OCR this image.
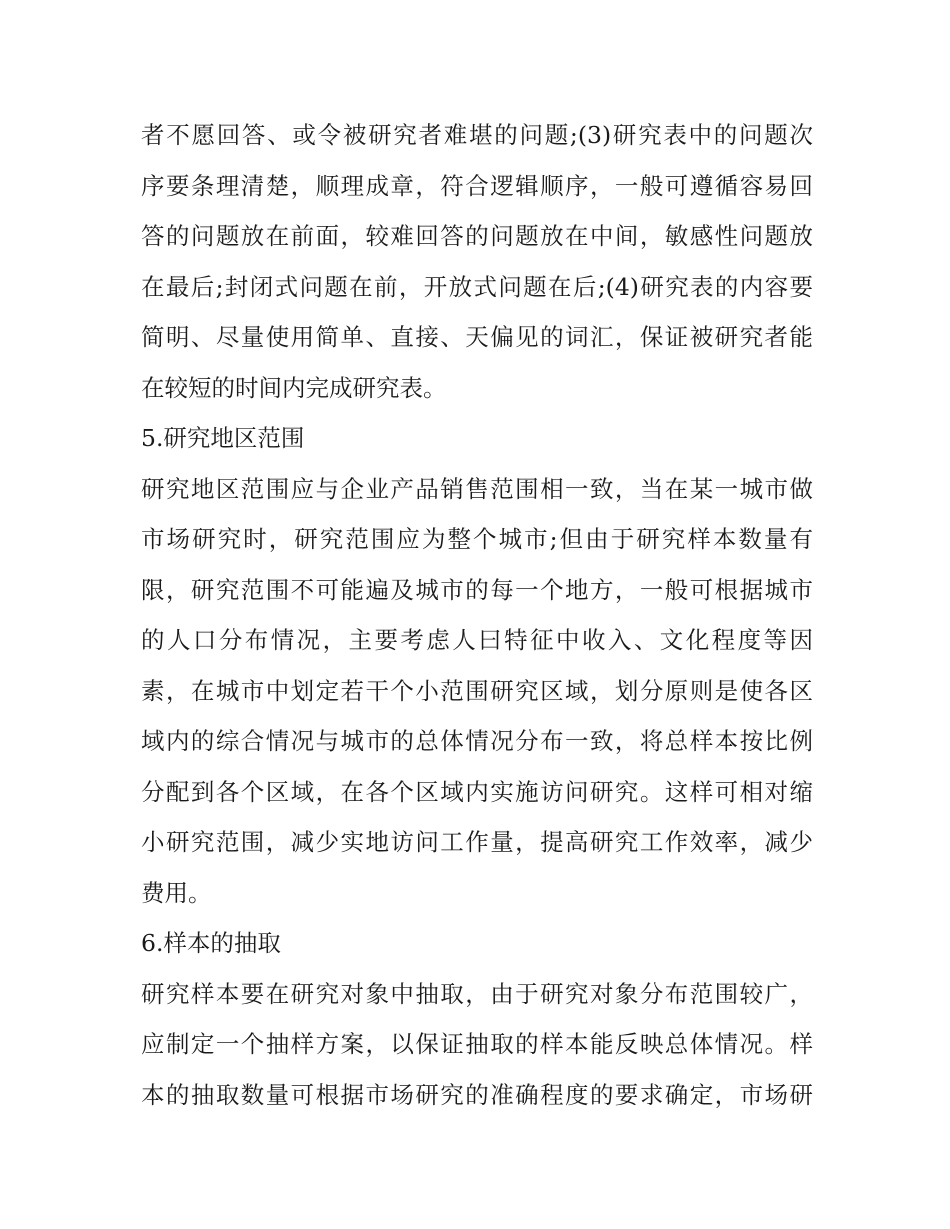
者不愿回答、或令被研究者难堪的问题;(3)研究表中的问题次
序要条理清楚，顺理成章，符合逻辑顺序，一般可遵循容易回
答的问题放在前面，较难回答的问题放在中间，敏感性问题放
在最后;封闭式问题在前，开放式问题在后;(4)研究表的内容要
简明、尽量使用简单、直接、天偏见的词汇，保证被研究者能
在较短的时间内完成研究表。
5.研究地区范围
研究地区范围应与企业产品销售范围相一致，当在某一城市做
市场研究时，研究范围应为整个城市;但由于研究样本数量有
限，研究范围不可能遍及城市的每一个地方，一般可根据城市
的人口分布情况，主要考虑人曰特征中收入、文化程度等因
素，在城市中划定若干个小范围研究区域，划分原则是使各区
域内的综合情况与城市的总体情况分布一致，将总样本按比例
分配到各个区域，在各个区域内实施访问研究。这样可相对缩
小研究范围，减少实地访问工作量，提高研究工作效率，减少
费用。
6.样本的抽取
研究样本要在研究对象中抽取，由于研究对象分布范围较广，
应制定一个抽样方案，以保证抽取的样本能反映总体情况。样
本的抽取数量可根据市场研究的准确程度的要求确定，市场研
